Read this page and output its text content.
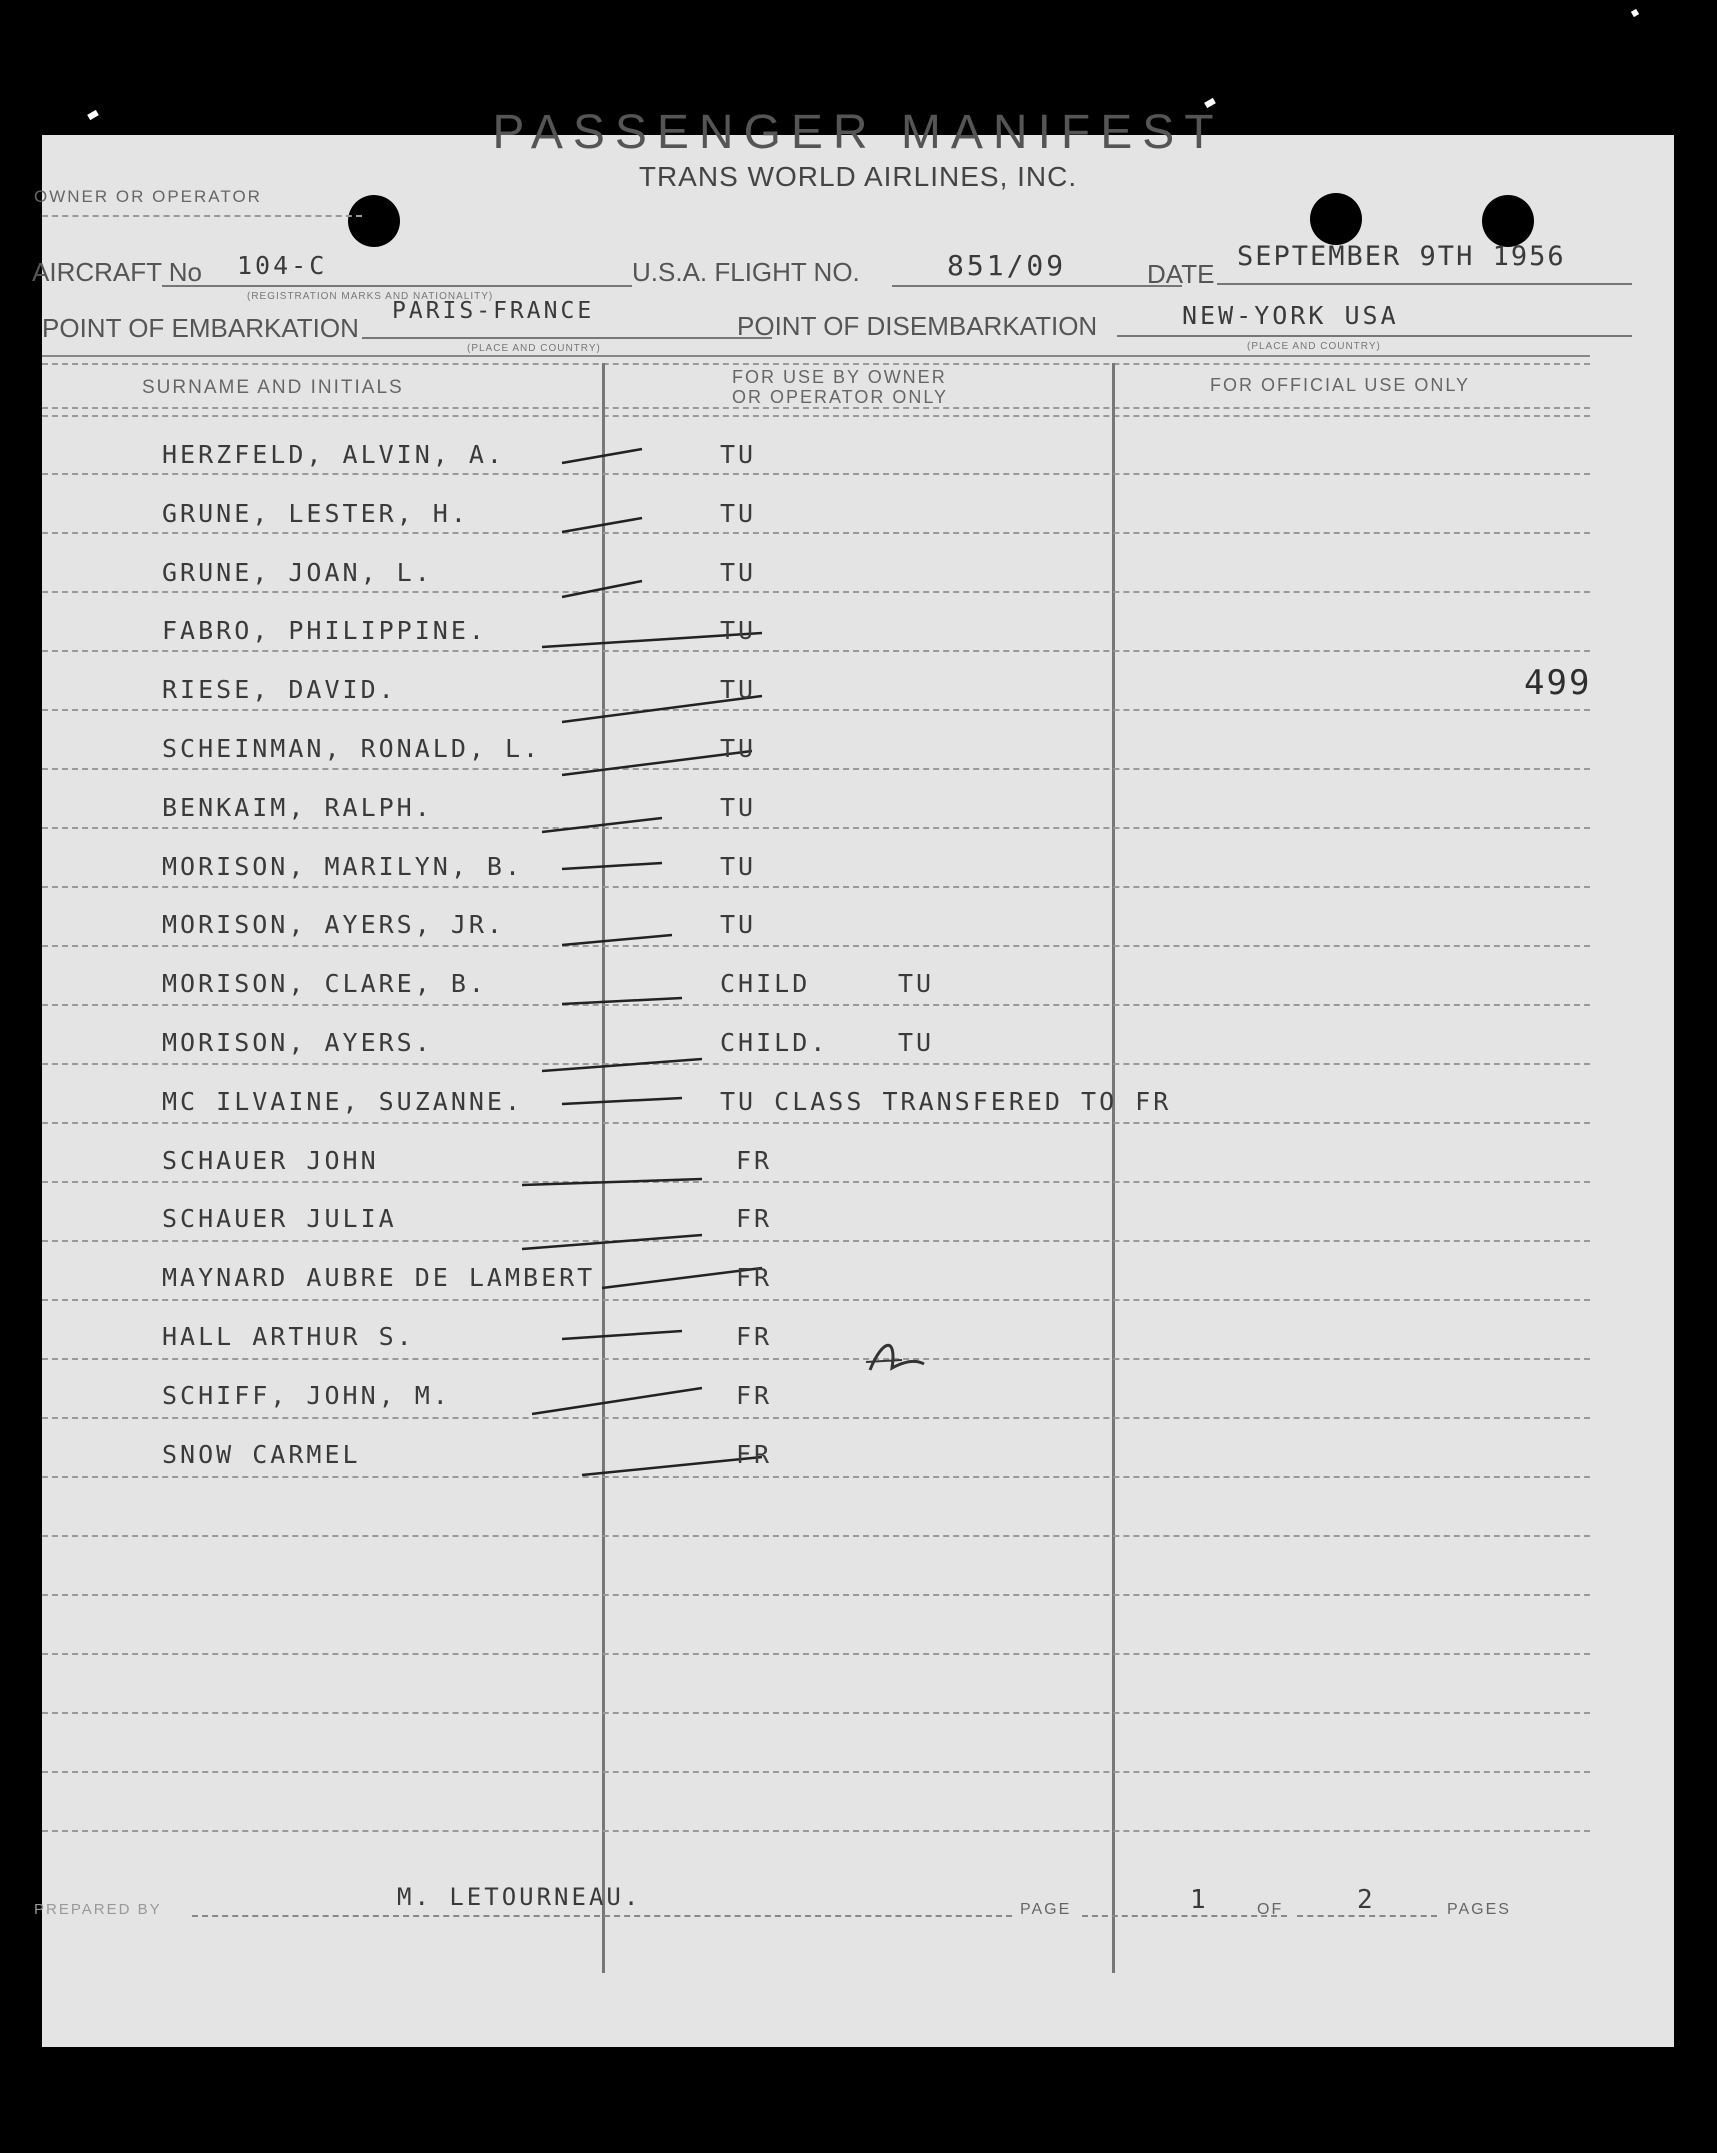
PASSENGER MANIFEST
TRANS WORLD AIRLINES, INC.
OWNER OR OPERATOR
AIRCRAFT No 104-C
(REGISTRATION MARKS AND NATIONALITY)
U.S.A. FLIGHT NO.	851/09	DATE
SEPTEMBER 9TH 1956
POINT OF EMBARKATION
PARIS-FRANCE
(PLACE AND COUNTRY)
POINT OF DISEMBARKATION	NEW-YORK USA
(PLACE AND COUNTRY)
SURNAME AND INITIALS	FOR USE BY OWNER
OR OPERATOR ONLY
FOR OFFICIAL USE ONLY
HERZFELD, ALVIN, A.	TU
GRUNE, LESTER, H.	TU
GRUNE, JOAN, L.	TU
FABRO, PHILIPPINE.	TU
RIESE, DAVID.	TU
SCHEINMAN, RONALD, L.	TU
BENKAIM, RALPH.	TU
MORISON, MARILYN, B.	TU
MORISON, AYERS, JR.	TU
MORISON, CLARE, B.	CHILD	TU
MORISON, AYERS.	CHILD.	TU
MC ILVAINE, SUZANNE.	TU CLASS TRANSFERED TO FR
SCHAUER JOHN	FR
SCHAUER JULIA	FR
MAYNARD AUBRE DE LAMBERT	FR
HALL ARTHUR S.	FR
SCHIFF, JOHN, M.	FR
SNOW CARMEL	FR
499
PREPARED BY	M. LETOURNEAU.	PAGE	1	OF	2	PAGES
